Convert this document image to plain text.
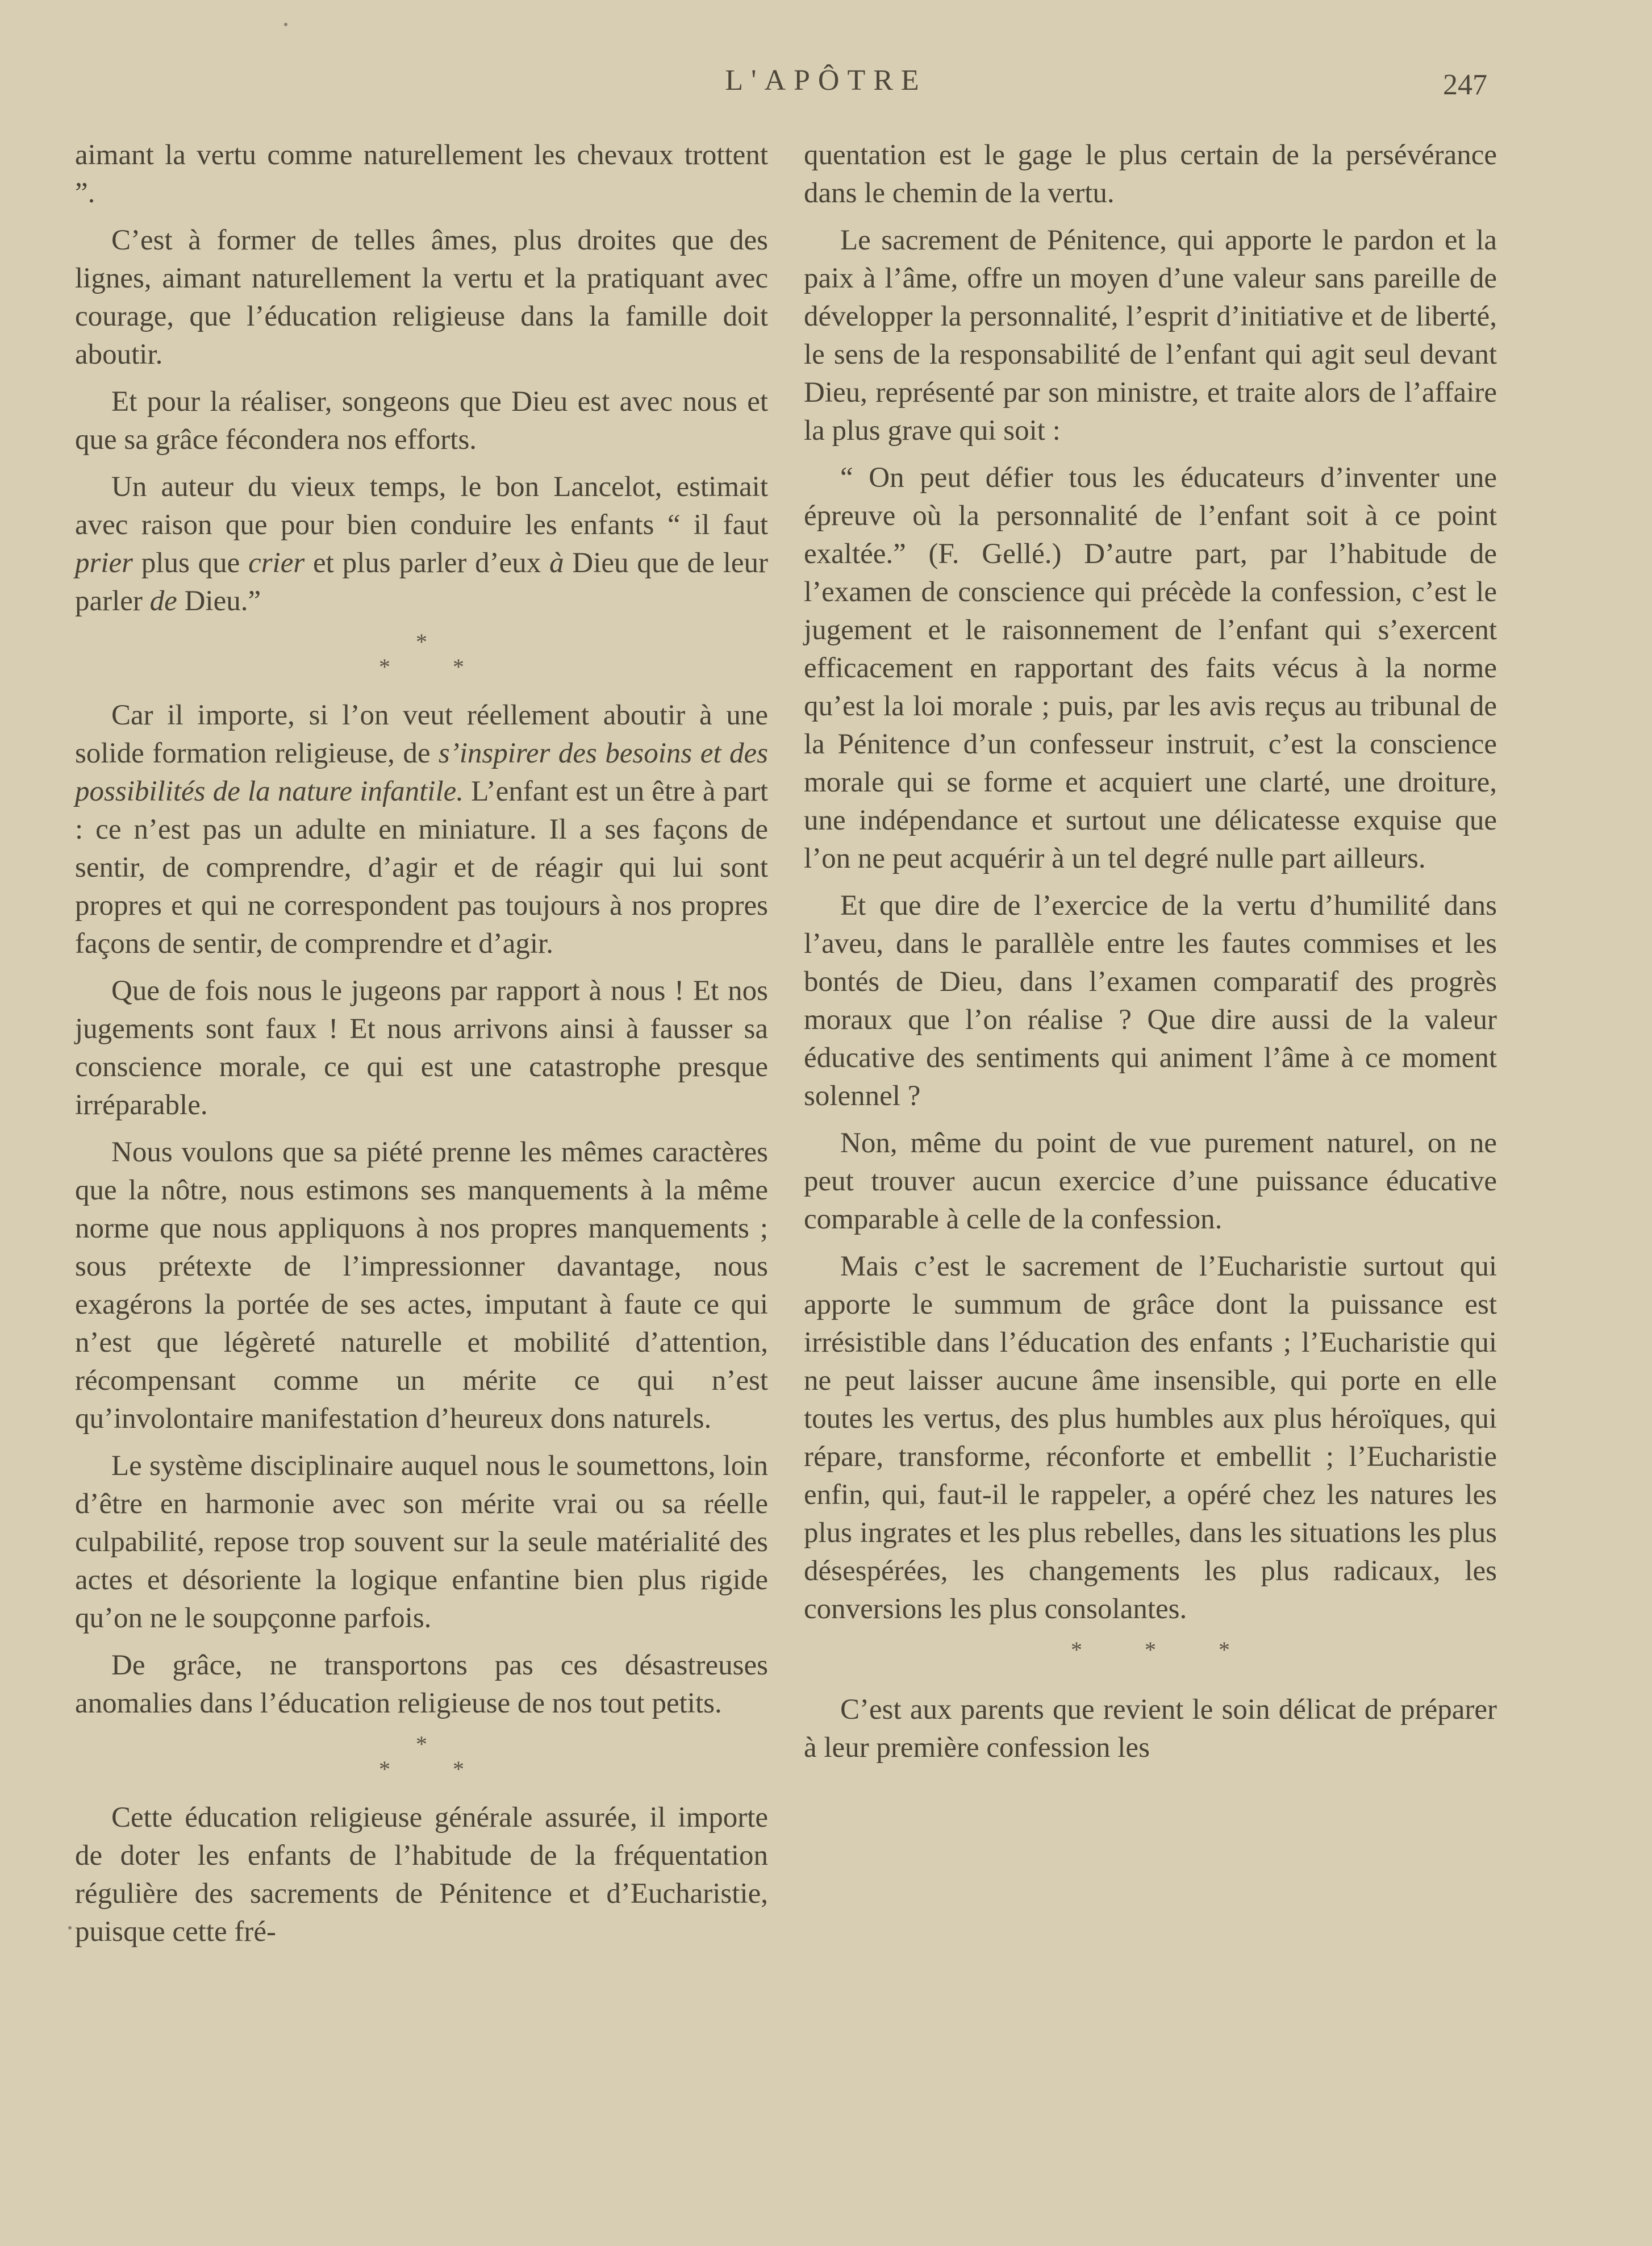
L'APÔTRE	247

aimant la vertu comme naturellement les chevaux trottent ”.

C’est à former de telles âmes, plus droites que des lignes, aimant naturellement la vertu et la pratiquant avec courage, que l’éducation religieuse dans la famille doit aboutir.

Et pour la réaliser, songeons que Dieu est avec nous et que sa grâce fécondera nos efforts.

Un auteur du vieux temps, le bon Lancelot, estimait avec raison que pour bien conduire les enfants “ il faut prier plus que crier et plus parler d’eux à Dieu que de leur parler de Dieu.”

*
* *

Car il importe, si l’on veut réellement aboutir à une solide formation religieuse, de s’inspirer des besoins et des possibilités de la nature infantile. L’enfant est un être à part : ce n’est pas un adulte en miniature. Il a ses façons de sentir, de comprendre, d’agir et de réagir qui lui sont propres et qui ne correspondent pas toujours à nos propres façons de sentir, de comprendre et d’agir.

Que de fois nous le jugeons par rapport à nous ! Et nos jugements sont faux ! Et nous arrivons ainsi à fausser sa conscience morale, ce qui est une catastrophe presque irréparable.

Nous voulons que sa piété prenne les mêmes caractères que la nôtre, nous estimons ses manquements à la même norme que nous appliquons à nos propres manquements ; sous prétexte de l’impressionner davantage, nous exagérons la portée de ses actes, imputant à faute ce qui n’est que légèreté naturelle et mobilité d’attention, récompensant comme un mérite ce qui n’est qu’involontaire manifestation d’heureux dons naturels.

Le système disciplinaire auquel nous le soumettons, loin d’être en harmonie avec son mérite vrai ou sa réelle culpabilité, repose trop souvent sur la seule matérialité des actes et désoriente la logique enfantine bien plus rigide qu’on ne le soupçonne parfois.

De grâce, ne transportons pas ces désastreuses anomalies dans l’éducation religieuse de nos tout petits.

*
* *

Cette éducation religieuse générale assurée, il importe de doter les enfants de l’habitude de la fréquentation régulière des sacrements de Pénitence et d’Eucharistie, puisque cette fré-

quentation est le gage le plus certain de la persévérance dans le chemin de la vertu.

Le sacrement de Pénitence, qui apporte le pardon et la paix à l’âme, offre un moyen d’une valeur sans pareille de développer la personnalité, l’esprit d’initiative et de liberté, le sens de la responsabilité de l’enfant qui agit seul devant Dieu, représenté par son ministre, et traite alors de l’affaire la plus grave qui soit :

“ On peut défier tous les éducateurs d’inventer une épreuve où la personnalité de l’enfant soit à ce point exaltée.” (F. Gellé.) D’autre part, par l’habitude de l’examen de conscience qui précède la confession, c’est le jugement et le raisonnement de l’enfant qui s’exercent efficacement en rapportant des faits vécus à la norme qu’est la loi morale ; puis, par les avis reçus au tribunal de la Pénitence d’un confesseur instruit, c’est la conscience morale qui se forme et acquiert une clarté, une droiture, une indépendance et surtout une délicatesse exquise que l’on ne peut acquérir à un tel degré nulle part ailleurs.

Et que dire de l’exercice de la vertu d’humilité dans l’aveu, dans le parallèle entre les fautes commises et les bontés de Dieu, dans l’examen comparatif des progrès moraux que l’on réalise ? Que dire aussi de la valeur éducative des sentiments qui animent l’âme à ce moment solennel ?

Non, même du point de vue purement naturel, on ne peut trouver aucun exercice d’une puissance éducative comparable à celle de la confession.

Mais c’est le sacrement de l’Eucharistie surtout qui apporte le summum de grâce dont la puissance est irrésistible dans l’éducation des enfants ; l’Eucharistie qui ne peut laisser aucune âme insensible, qui porte en elle toutes les vertus, des plus humbles aux plus héroïques, qui répare, transforme, réconforte et embellit ; l’Eucharistie enfin, qui, faut-il le rappeler, a opéré chez les natures les plus ingrates et les plus rebelles, dans les situations les plus désespérées, les changements les plus radicaux, les conversions les plus consolantes.

* * *

C’est aux parents que revient le soin délicat de préparer à leur première confession les
